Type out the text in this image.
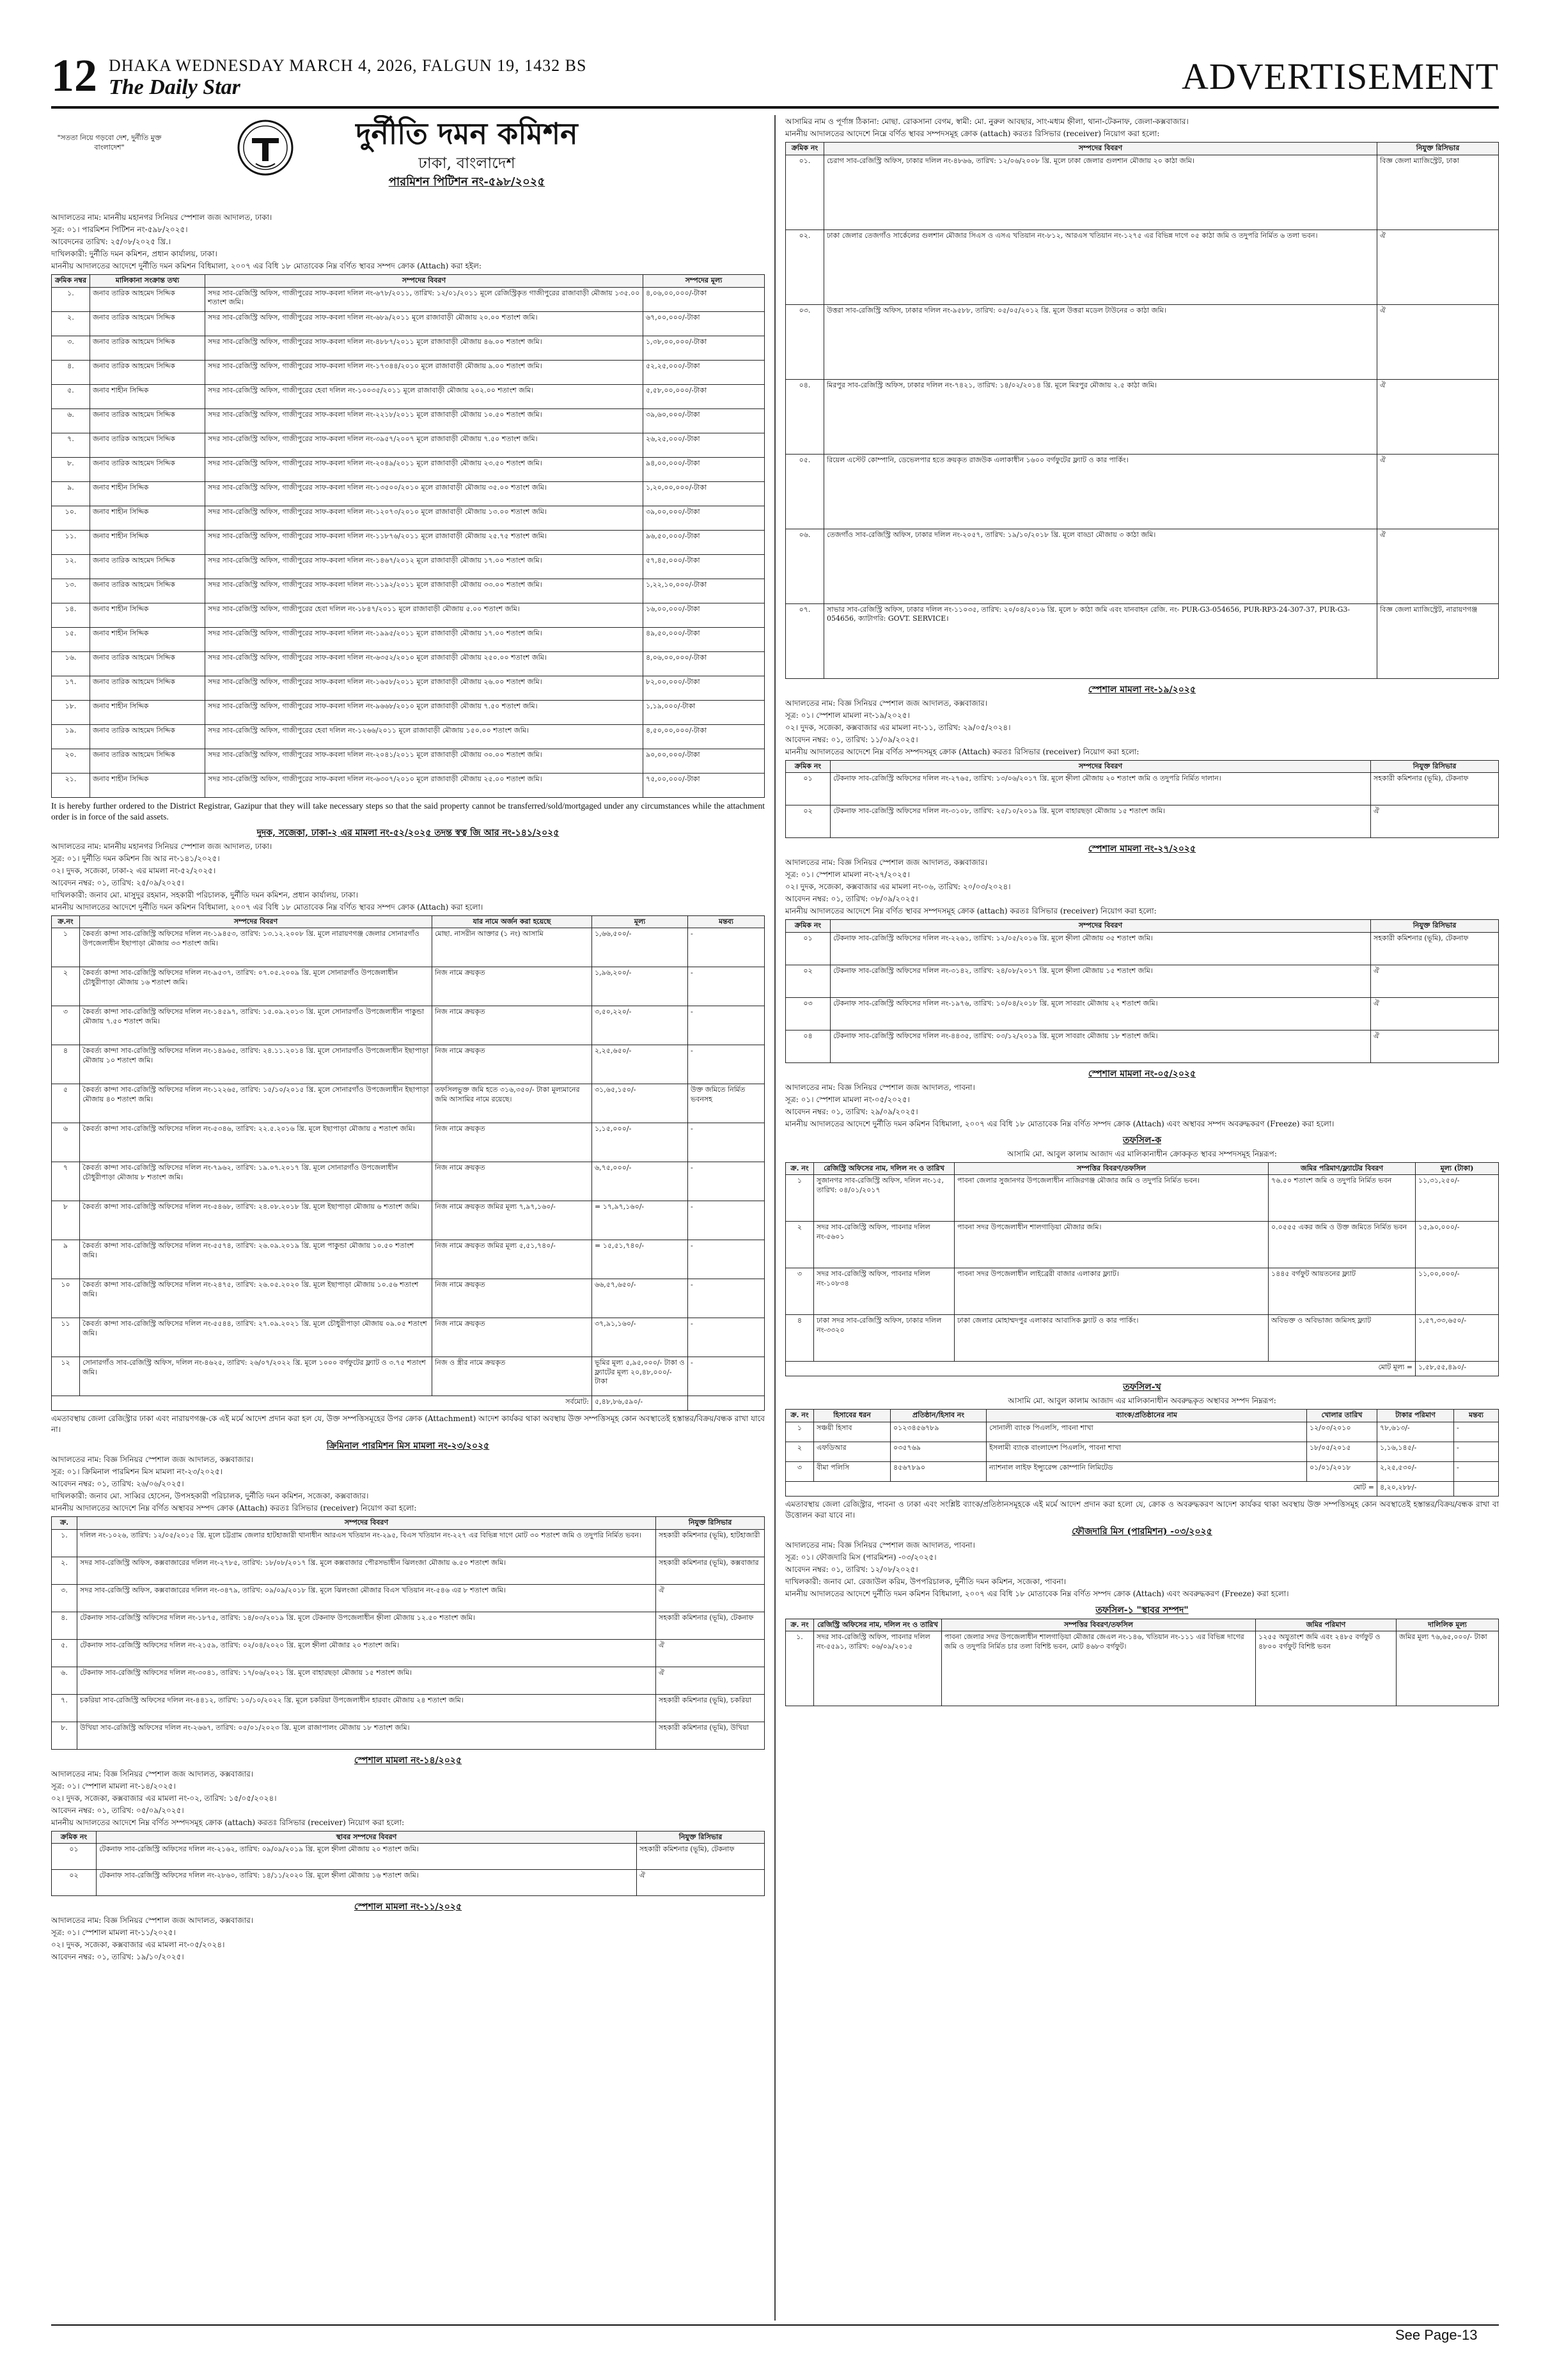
12 DHAKA WEDNESDAY MARCH 4, 2026, FALGUN 19, 1432 BS
The Daily Star	ADVERTISEMENT
"সততা নিয়ে গড়বো দেশ, দুর্নীতি মুক্ত বাংলাদেশ"	দুর্নীতি দমন কমিশন
ঢাকা, বাংলাদেশ
পারমিশন পিটিশন নং-৫৯৮/২০২৫
আদালতের নাম: মাননীয় মহানগর সিনিয়র স্পেশাল জজ আদালত, ঢাকা।
সূত্র: ০১। পারমিশন পিটিশন নং-৫৯৮/২০২৫।
আবেদনের তারিখ: ২৫/০৮/২০২৫ খ্রি.।
দাখিলকারী: দুর্নীতি দমন কমিশন, প্রধান কার্যালয়, ঢাকা।
মাননীয় আদালতের আদেশে দুর্নীতি দমন কমিশন বিধিমালা, ২০০৭ এর বিধি ১৮ মোতাবেক নিম্ন বর্ণিত স্থাবর সম্পদ ক্রোক (Attach) করা হইল:
ক্রমিক নম্বর	মালিকানা সংক্রান্ত তথ্য	সম্পদের বিবরণ	সম্পদের মূল্য
১.	জনাব তারিক আহমেদ সিদ্দিক	সদর সাব-রেজিস্ট্রি অফিস, গাজীপুরের সাফ-কবলা দলিল নং-৬৭৮/২০১১, তারিখ: ১২/০১/২০১১ মূলে রেজিস্ট্রিকৃত গাজীপুরের রাজাবাড়ী মৌজায় ১৩৫.০০ শতাংশ জমি।	৪,০৬,০০,০০০/-টাকা
২.	জনাব তারিক আহমেদ সিদ্দিক	সদর সাব-রেজিস্ট্রি অফিস, গাজীপুরের সাফ-কবলা দলিল নং-৬৮৯/২০১১ মূলে রাজাবাড়ী মৌজায় ২০.০০ শতাংশ জমি।	৬৭,০০,০০০/-টাকা
৩.	জনাব তারিক আহমেদ সিদ্দিক	সদর সাব-রেজিস্ট্রি অফিস, গাজীপুরের সাফ-কবলা দলিল নং-৪৮৮৭/২০১১ মূলে রাজাবাড়ী মৌজায় ৪৬.০০ শতাংশ জমি।	১,৩৮,০০,০০০/-টাকা
৪.	জনাব তারিক আহমেদ সিদ্দিক	সদর সাব-রেজিস্ট্রি অফিস, গাজীপুরের সাফ-কবলা দলিল নং-১৭৩৪৪/২০১০ মূলে রাজাবাড়ী মৌজায় ৯.০০ শতাংশ জমি।	৫২,২৫,০০০/-টাকা
৫.	জনাব শাহীন সিদ্দিক	সদর সাব-রেজিস্ট্রি অফিস, গাজীপুরের হেবা দলিল নং-১০০৩৫/২০১১ মূলে রাজাবাড়ী মৌজায় ২০২.০০ শতাংশ জমি।	৫,৫৮,০০,০০০/-টাকা
৬.	জনাব তারিক আহমেদ সিদ্দিক	সদর সাব-রেজিস্ট্রি অফিস, গাজীপুরের সাফ-কবলা দলিল নং-২২১৮/২০১১ মূলে রাজাবাড়ী মৌজায় ১০.৫০ শতাংশ জমি।	৩৯,৬০,০০০/-টাকা
৭.	জনাব তারিক আহমেদ সিদ্দিক	সদর সাব-রেজিস্ট্রি অফিস, গাজীপুরের সাফ-কবলা দলিল নং-৩৯৫৭/২০০৭ মূলে রাজাবাড়ী মৌজায় ৭.৫০ শতাংশ জমি।	২৬,২৫,০০০/-টাকা
৮.	জনাব তারিক আহমেদ সিদ্দিক	সদর সাব-রেজিস্ট্রি অফিস, গাজীপুরের সাফ-কবলা দলিল নং-২০৪৯/২০১১ মূলে রাজাবাড়ী মৌজায় ২৩.৫০ শতাংশ জমি।	৯৪,০০,০০০/-টাকা
৯.	জনাব শাহীন সিদ্দিক	সদর সাব-রেজিস্ট্রি অফিস, গাজীপুরের সাফ-কবলা দলিল নং-১৩৫০০/২০১০ মূলে রাজাবাড়ী মৌজায় ৩৫.০০ শতাংশ জমি।	১,২০,০০,০০০/-টাকা
১০.	জনাব শাহীন সিদ্দিক	সদর সাব-রেজিস্ট্রি অফিস, গাজীপুরের সাফ-কবলা দলিল নং-১২০৭৩/২০১০ মূলে রাজাবাড়ী মৌজায় ১৩.০০ শতাংশ জমি।	৩৯,০০,০০০/-টাকা
১১.	জনাব শাহীন সিদ্দিক	সদর সাব-রেজিস্ট্রি অফিস, গাজীপুরের সাফ-কবলা দলিল নং-১১৮৭৬/২০১১ মূলে রাজাবাড়ী মৌজায় ২৫.৭৫ শতাংশ জমি।	৯৬,৫০,০০০/-টাকা
১২.	জনাব তারিক আহমেদ সিদ্দিক	সদর সাব-রেজিস্ট্রি অফিস, গাজীপুরের সাফ-কবলা দলিল নং-১৪৬৭/২০১২ মূলে রাজাবাড়ী মৌজায় ১৭.০০ শতাংশ জমি।	৫৭,৪৫,০০০/-টাকা
১৩.	জনাব তারিক আহমেদ সিদ্দিক	সদর সাব-রেজিস্ট্রি অফিস, গাজীপুরের সাফ-কবলা দলিল নং-১১৯২/২০১১ মূলে রাজাবাড়ী মৌজায় ৩৩.০০ শতাংশ জমি।	১,২২,১০,০০০/-টাকা
১৪.	জনাব শাহীন সিদ্দিক	সদর সাব-রেজিস্ট্রি অফিস, গাজীপুরের হেবা দলিল নং-১৮৪৭/২০১১ মূলে রাজাবাড়ী মৌজায় ৫.০০ শতাংশ জমি।	১৬,০০,০০০/-টাকা
১৫.	জনাব শাহীন সিদ্দিক	সদর সাব-রেজিস্ট্রি অফিস, গাজীপুরের সাফ-কবলা দলিল নং-১৯৯৫/২০১১ মূলে রাজাবাড়ী মৌজায় ১৭.০০ শতাংশ জমি।	৪৯,৫০,০০০/-টাকা
১৬.	জনাব তারিক আহমেদ সিদ্দিক	সদর সাব-রেজিস্ট্রি অফিস, গাজীপুরের সাফ-কবলা দলিল নং-৬৩৫২/২০১০ মূলে রাজাবাড়ী মৌজায় ২৫০.০০ শতাংশ জমি।	৪,০৬,০০,০০০/-টাকা
১৭.	জনাব তারিক আহমেদ সিদ্দিক	সদর সাব-রেজিস্ট্রি অফিস, গাজীপুরের সাফ-কবলা দলিল নং-১৬৫৮/২০১১ মূলে রাজাবাড়ী মৌজায় ২৬.০০ শতাংশ জমি।	৮২,০০,০০০/-টাকা
১৮.	জনাব শাহীন সিদ্দিক	সদর সাব-রেজিস্ট্রি অফিস, গাজীপুরের সাফ-কবলা দলিল নং-৯৬৬৮/২০১০ মূলে রাজাবাড়ী মৌজায় ৭.৫০ শতাংশ জমি।	১,১৯,০০০/-টাকা
১৯.	জনাব তারিক আহমেদ সিদ্দিক	সদর সাব-রেজিস্ট্রি অফিস, গাজীপুরের হেবা দলিল নং-১২৬৬/২০১১ মূলে রাজাবাড়ী মৌজায় ১৫০.০০ শতাংশ জমি।	৪,৫০,০০,০০০/-টাকা
২০.	জনাব তারিক আহমেদ সিদ্দিক	সদর সাব-রেজিস্ট্রি অফিস, গাজীপুরের সাফ-কবলা দলিল নং-২০৪১/২০১১ মূলে রাজাবাড়ী মৌজায় ৩০.০০ শতাংশ জমি।	৯০,০০,০০০/-টাকা
২১.	জনাব শাহীন সিদ্দিক	সদর সাব-রেজিস্ট্রি অফিস, গাজীপুরের সাফ-কবলা দলিল নং-৬৩০৭/২০১০ মূলে রাজাবাড়ী মৌজায় ২৫.০০ শতাংশ জমি।	৭৫,০০,০০০/-টাকা
It is hereby further ordered to the District Registrar, Gazipur that they will take necessary steps so that the said property cannot be transferred/sold/mortgaged under any circumstances while the attachment order is in force of the said assets.
দুদক, সজেকা, ঢাকা-২ এর মামলা নং-৫২/২০২৫ তদন্ত স্বত্ব জি আর নং-১৪১/২০২৫
আদালতের নাম: মাননীয় মহানগর সিনিয়র স্পেশাল জজ আদালত, ঢাকা।
সূত্র: ০১। দুর্নীতি দমন কমিশন জি আর নং-১৪১/২০২৫।
০২। দুদক, সজেকা, ঢাকা-২ এর মামলা নং-৫২/২০২৫।
আবেদন নম্বর: ০১, তারিখ: ২৫/০৯/২০২৫।
দাখিলকারী: জনাব মো. মাসুদুর রহমান, সহকারী পরিচালক, দুর্নীতি দমন কমিশন, প্রধান কার্যালয়, ঢাকা।
মাননীয় আদালতের আদেশে দুর্নীতি দমন কমিশন বিধিমালা, ২০০৭ এর বিধি ১৮ মোতাবেক নিম্ন বর্ণিত স্থাবর সম্পদ ক্রোক (Attach) করা হলো।
ক্র.নং	সম্পদের বিবরণ	যার নামে অর্জন করা হয়েছে	মূল্য	মন্তব্য
১	কৈবর্ত্য কান্দা সাব-রেজিস্ট্রি অফিসের দলিল নং-১৯৪৫৩, তারিখ: ১৩.১২.২০০৮ খ্রি. মূলে নারায়ণগঞ্জ জেলার সোনারগাঁও উপজেলাধীন ইছাপাড়া মৌজায় ৩৩ শতাংশ জমি।	মোছা. নাসরীন আক্তার (১ নং) আসামি	১,৬৬,৫০০/-	-
২	কৈবর্ত্য কান্দা সাব-রেজিস্ট্রি অফিসের দলিল নং-৯৫৩৭, তারিখ: ০৭.০৫.২০০৯ খ্রি. মূলে সোনারগাঁও উপজেলাধীন চৌধুরীপাড়া মৌজায় ১৬ শতাংশ জমি।	নিজ নামে ক্রয়কৃত	১,৯৬,২০০/-	-
৩	কৈবর্ত্য কান্দা সাব-রেজিস্ট্রি অফিসের দলিল নং-১৪৫৯৭, তারিখ: ১৫.০৯.২০১৩ খ্রি. মূলে সোনারগাঁও উপজেলাধীন পাকুন্ডা মৌজায় ৭.৫০ শতাংশ জমি।	নিজ নামে ক্রয়কৃত	৩,৫০,২২০/-	-
৪	কৈবর্ত্য কান্দা সাব-রেজিস্ট্রি অফিসের দলিল নং-১৪৯৬৫, তারিখ: ২৪.১১.২০১৪ খ্রি. মূলে সোনারগাঁও উপজেলাধীন ইছাপাড়া মৌজায় ১০ শতাংশ জমি।	নিজ নামে ক্রয়কৃত	২,২৫,৬৫০/-	-
৫	কৈবর্ত্য কান্দা সাব-রেজিস্ট্রি অফিসের দলিল নং-১২২৬৫, তারিখ: ১৫/১০/২০১৫ খ্রি. মূলে সোনারগাঁও উপজেলাধীন ইছাপাড়া মৌজায় ৪০ শতাংশ জমি।	তফসিলভুক্ত জমি হতে ৩১৬,৩৫০/- টাকা মূল্যমানের জমি আসামির নামে রয়েছে।	৩১,৬৫,১৫০/-	উক্ত জমিতে নির্মিত ভবনসহ
৬	কৈবর্ত্য কান্দা সাব-রেজিস্ট্রি অফিসের দলিল নং-৫৩৪৬, তারিখ: ২২.৫.২০১৬ খ্রি. মূলে ইছাপাড়া মৌজায় ৫ শতাংশ জমি।	নিজ নামে ক্রয়কৃত	১,১৫,০০০/-	-
৭	কৈবর্ত্য কান্দা সাব-রেজিস্ট্রি অফিসের দলিল নং-৭৯৬২, তারিখ: ১৯.০৭.২০১৭ খ্রি. মূলে সোনারগাঁও উপজেলাধীন চৌধুরীপাড়া মৌজায় ৮ শতাংশ জমি।	নিজ নামে ক্রয়কৃত	৬,৭৫,০০০/-	-
৮	কৈবর্ত্য কান্দা সাব-রেজিস্ট্রি অফিসের দলিল নং-৫৪৬৮, তারিখ: ২৪.০৮.২০১৮ খ্রি. মূলে ইছাপাড়া মৌজায় ৬ শতাংশ জমি।	নিজ নামে ক্রয়কৃত জমির মূল্য ৭,৯৭,১৬০/-	= ১৭,৯৭,১৬০/-	-
৯	কৈবর্ত্য কান্দা সাব-রেজিস্ট্রি অফিসের দলিল নং-৫৫৭৪, তারিখ: ২৬.০৯.২০১৯ খ্রি. মূলে পাকুন্ডা মৌজায় ১০.৫০ শতাংশ জমি।	নিজ নামে ক্রয়কৃত জমির মূল্য ৫,৫১,৭৪০/-	= ১৫,৫১,৭৪০/-	-
১০	কৈবর্ত্য কান্দা সাব-রেজিস্ট্রি অফিসের দলিল নং-২৪৭৫, তারিখ: ২৬.০৫.২০২০ খ্রি. মূলে ইছাপাড়া মৌজায় ১০.৫৬ শতাংশ জমি।	নিজ নামে ক্রয়কৃত	৬৬,৫৭,৬৫০/-	-
১১	কৈবর্ত্য কান্দা সাব-রেজিস্ট্রি অফিসের দলিল নং-৫৫৪৪, তারিখ: ২৭.০৯.২০২১ খ্রি. মূলে চৌধুরীপাড়া মৌজায় ০৯.০৫ শতাংশ জমি।	নিজ নামে ক্রয়কৃত	৩৭,৯১,১৬০/-	-
১২	সোনারগাঁও সাব-রেজিস্ট্রি অফিস, দলিল নং-৪৬২৫, তারিখ: ২৬/০৭/২০২২ খ্রি. মূলে ১০০০ বর্গফুটের ফ্ল্যাট ও ৩.৭৫ শতাংশ জমি।	নিজ ও স্ত্রীর নামে ক্রয়কৃত	ভূমির মূল্য ৫,৯৫,০০০/- টাকা ও ফ্ল্যাটের মূল্য ২০,৪৮,০০০/- টাকা	-
সর্বমোট:			৫,৪৮,৮৬,৫৯০/-	
এমতাবস্থায় জেলা রেজিস্ট্রার ঢাকা এবং নারায়ণগঞ্জ-কে এই মর্মে আদেশ প্রদান করা হল যে, উক্ত সম্পত্তিসমূহের উপর ক্রোক (Attachment) আদেশ কার্যকর থাকা অবস্থায় উক্ত সম্পত্তিসমূহ কোন অবস্থাতেই হস্তান্তর/বিক্রয়/বন্ধক রাখা যাবে না।
ক্রিমিনাল পারমিশন মিস মামলা নং-২৩/২০২৫
আদালতের নাম: বিজ্ঞ সিনিয়র স্পেশাল জজ আদালত, কক্সবাজার।
সূত্র: ০১। ক্রিমিনাল পারমিশন মিস মামলা নং-২৩/২০২৫।
আবেদন নম্বর: ০১, তারিখ: ২৬/০৬/২০২৫।
দাখিলকারী: জনাব মো. সাব্বির হোসেন, উপসহকারী পরিচালক, দুর্নীতি দমন কমিশন, সজেকা, কক্সবাজার।
মাননীয় আদালতের আদেশে নিম্ন বর্ণিত অস্থাবর সম্পদ ক্রোক (Attach) করতঃ রিসিভার (receiver) নিয়োগ করা হলো:
ক্র.	সম্পদের বিবরণ	নিযুক্ত রিসিভার
১.	দলিল নং-১০২৬, তারিখ: ১২/০৫/২০১৫ খ্রি. মূলে চট্টগ্রাম জেলার হাটহাজারী থানাধীন আরএস খতিয়ান নং-২৯৫, বিএস খতিয়ান নং-২২৭ এর বিভিন্ন দাগে মোট ৩০ শতাংশ জমি ও তদুপরি নির্মিত ভবন।	সহকারী কমিশনার (ভূমি), হাটহাজারী
২.	সদর সাব-রেজিস্ট্রি অফিস, কক্সবাজারের দলিল নং-২৭৮৫, তারিখ: ১৮/০৮/২০১৭ খ্রি. মূলে কক্সবাজার পৌরসভাধীন ঝিলংজা মৌজায় ৬.৫০ শতাংশ জমি।	সহকারী কমিশনার (ভূমি), কক্সবাজার
৩.	সদর সাব-রেজিস্ট্রি অফিস, কক্সবাজারের দলিল নং-৩৪৭৯, তারিখ: ০৯/০৯/২০১৮ খ্রি. মূলে ঝিলংজা মৌজার বিএস খতিয়ান নং-৫৪৬ এর ৮ শতাংশ জমি।	ঐ
৪.	টেকনাফ সাব-রেজিস্ট্রি অফিসের দলিল নং-১৮৭৫, তারিখ: ১৪/০৩/২০১৯ খ্রি. মূলে টেকনাফ উপজেলাধীন হ্নীলা মৌজায় ১২.৫০ শতাংশ জমি।	সহকারী কমিশনার (ভূমি), টেকনাফ
৫.	টেকনাফ সাব-রেজিস্ট্রি অফিসের দলিল নং-২১৫৯, তারিখ: ০২/০৪/২০২০ খ্রি. মূলে হ্নীলা মৌজার ২০ শতাংশ জমি।	ঐ
৬.	টেকনাফ সাব-রেজিস্ট্রি অফিসের দলিল নং-৩০৪১, তারিখ: ১৭/০৬/২০২১ খ্রি. মূলে বাহারছড়া মৌজায় ১৫ শতাংশ জমি।	ঐ
৭.	চকরিয়া সাব-রেজিস্ট্রি অফিসের দলিল নং-৪৪১২, তারিখ: ১০/১০/২০২২ খ্রি. মূলে চকরিয়া উপজেলাধীন হারবাং মৌজায় ২৪ শতাংশ জমি।	সহকারী কমিশনার (ভূমি), চকরিয়া
৮.	উখিয়া সাব-রেজিস্ট্রি অফিসের দলিল নং-২৬৬৭, তারিখ: ০৫/০১/২০২৩ খ্রি. মূলে রাজাপালং মৌজায় ১৮ শতাংশ জমি।	সহকারী কমিশনার (ভূমি), উখিয়া
স্পেশাল মামলা নং-১৪/২০২৫
আদালতের নাম: বিজ্ঞ সিনিয়র স্পেশাল জজ আদালত, কক্সবাজার।
সূত্র: ০১। স্পেশাল মামলা নং-১৪/২০২৫।
০২। দুদক, সজেকা, কক্সবাজার এর মামলা নং-০২, তারিখ: ১৫/০৫/২০২৪।
আবেদন নম্বর: ০১, তারিখ: ০৫/০৯/২০২৫।
মাননীয় আদালতের আদেশে নিম্ন বর্ণিত সম্পদসমূহ ক্রোক (attach) করতঃ রিসিভার (receiver) নিয়োগ করা হলো:
ক্রমিক নং	স্থাবর সম্পদের বিবরণ	নিযুক্ত রিসিভার
০১	টেকনাফ সাব-রেজিস্ট্রি অফিসের দলিল নং-২১৬২, তারিখ: ০৯/০৯/২০১৯ খ্রি. মূলে হ্নীলা মৌজায় ২০ শতাংশ জমি।	সহকারী কমিশনার (ভূমি), টেকনাফ
০২	টেকনাফ সাব-রেজিস্ট্রি অফিসের দলিল নং-২৮৬০, তারিখ: ১৪/১১/২০২০ খ্রি. মূলে হ্নীলা মৌজায় ১৬ শতাংশ জমি।	ঐ
স্পেশাল মামলা নং-১১/২০২৫
আদালতের নাম: বিজ্ঞ সিনিয়র স্পেশাল জজ আদালত, কক্সবাজার।
সূত্র: ০১। স্পেশাল মামলা নং-১১/২০২৫।
০২। দুদক, সজেকা, কক্সবাজার এর মামলা নং-০৫/২০২৪।
আবেদন নম্বর: ০১, তারিখ: ১৯/১০/২০২৫।
আসামির নাম ও পূর্ণাঙ্গ ঠিকানা: মোছা. রোকসানা বেগম, স্বামী: মো. নুরুল আবছার, সাং-মধ্যম হ্নীলা, থানা-টেকনাফ, জেলা-কক্সবাজার।
মাননীয় আদালতের আদেশে নিম্নে বর্ণিত স্থাবর সম্পদসমূহ ক্রোক (attach) করতঃ রিসিভার (receiver) নিয়োগ করা হলো:
ক্রমিক নং	সম্পদের বিবরণ	নিযুক্ত রিসিভার
০১.	চেরাগ সাব-রেজিস্ট্রি অফিস, ঢাকার দলিল নং-৪৮৬৬, তারিখ: ১২/০৬/২০০৮ খ্রি. মূলে ঢাকা জেলার গুলশান মৌজায় ২০ কাঠা জমি।	বিজ্ঞ জেলা ম্যাজিস্ট্রেট, ঢাকা
০২.	ঢাকা জেলার তেজগাঁও সার্কেলের গুলশান মৌজার সিএস ও এসএ খতিয়ান নং-৮১২, আরএস খতিয়ান নং-১২৭৫ এর বিভিন্ন দাগে ০৫ কাঠা জমি ও তদুপরি নির্মিত ৬ তলা ভবন।	ঐ
০৩.	উত্তরা সাব-রেজিস্ট্রি অফিস, ঢাকার দলিল নং-৯৫৮৮, তারিখ: ০৫/০৫/২০১২ খ্রি. মূলে উত্তরা মডেল টাউনের ৩ কাঠা জমি।	ঐ
০৪.	মিরপুর সাব-রেজিস্ট্রি অফিস, ঢাকার দলিল নং-৭৪২১, তারিখ: ১৪/০২/২০১৪ খ্রি. মূলে মিরপুর মৌজায় ২.৫ কাঠা জমি।	ঐ
০৫.	রিয়েল এস্টেট কোম্পানি, ডেভেলপার হতে ক্রয়কৃত রাজউক এলাকাধীন ১৬০০ বর্গফুটের ফ্ল্যাট ও কার পার্কিং।	ঐ
০৬.	তেজগাঁও সাব-রেজিস্ট্রি অফিস, ঢাকার দলিল নং-২০৫৭, তারিখ: ১৯/১০/২০১৮ খ্রি. মূলে বাড্ডা মৌজায় ৩ কাঠা জমি।	ঐ
০৭.	সাভার সাব-রেজিস্ট্রি অফিস, ঢাকার দলিল নং-১১০৩৫, তারিখ: ২০/০৪/২০১৬ খ্রি. মূলে ৮ কাঠা জমি এবং যানবাহন রেজি. নং- PUR-G3-054656, PUR-RP3-24-307-37, PUR-G3-054656, ক্যাটাগরি: GOVT. SERVICE।	বিজ্ঞ জেলা ম্যাজিস্ট্রেট, নারায়ণগঞ্জ
স্পেশাল মামলা নং-১৯/২০২৫
আদালতের নাম: বিজ্ঞ সিনিয়র স্পেশাল জজ আদালত, কক্সবাজার।
সূত্র: ০১। স্পেশাল মামলা নং-১৯/২০২৫।
০২। দুদক, সজেকা, কক্সবাজার এর মামলা নং-১১, তারিখ: ২৯/০৫/২০২৪।
আবেদন নম্বর: ০১, তারিখ: ১১/০৯/২০২৫।
মাননীয় আদালতের আদেশে নিম্ন বর্ণিত সম্পদসমূহ ক্রোক (Attach) করতঃ রিসিভার (receiver) নিয়োগ করা হলো:
ক্রমিক নং	সম্পদের বিবরণ	নিযুক্ত রিসিভার
০১	টেকনাফ সাব-রেজিস্ট্রি অফিসের দলিল নং-২৭৬৫, তারিখ: ১৩/০৬/২০১৭ খ্রি. মূলে হ্নীলা মৌজায় ২০ শতাংশ জমি ও তদুপরি নির্মিত দালান।	সহকারী কমিশনার (ভূমি), টেকনাফ
০২	টেকনাফ সাব-রেজিস্ট্রি অফিসের দলিল নং-৩১০৮, তারিখ: ২৫/১০/২০১৯ খ্রি. মূলে বাহারছড়া মৌজায় ১৫ শতাংশ জমি।	ঐ
স্পেশাল মামলা নং-২৭/২০২৫
আদালতের নাম: বিজ্ঞ সিনিয়র স্পেশাল জজ আদালত, কক্সবাজার।
সূত্র: ০১। স্পেশাল মামলা নং-২৭/২০২৫।
০২। দুদক, সজেকা, কক্সবাজার এর মামলা নং-০৬, তারিখ: ২০/০৩/২০২৪।
আবেদন নম্বর: ০১, তারিখ: ০৮/০৯/২০২৫।
মাননীয় আদালতের আদেশে নিম্ন বর্ণিত স্থাবর সম্পদসমূহ ক্রোক (attach) করতঃ রিসিভার (receiver) নিয়োগ করা হলো:
ক্রমিক নং	সম্পদের বিবরণ	নিযুক্ত রিসিভার
০১	টেকনাফ সাব-রেজিস্ট্রি অফিসের দলিল নং-২২৬১, তারিখ: ১২/০৫/২০১৬ খ্রি. মূলে হ্নীলা মৌজায় ৩৫ শতাংশ জমি।	সহকারী কমিশনার (ভূমি), টেকনাফ
০২	টেকনাফ সাব-রেজিস্ট্রি অফিসের দলিল নং-৩১৪২, তারিখ: ২৪/০৮/২০১৭ খ্রি. মূলে হ্নীলা মৌজায় ১৫ শতাংশ জমি।	ঐ
০৩	টেকনাফ সাব-রেজিস্ট্রি অফিসের দলিল নং-১৯৭৬, তারিখ: ১০/০৪/২০১৮ খ্রি. মূলে সাবরাং মৌজায় ২২ শতাংশ জমি।	ঐ
০৪	টেকনাফ সাব-রেজিস্ট্রি অফিসের দলিল নং-৪৪৩৫, তারিখ: ০৩/১২/২০১৯ খ্রি. মূলে সাবরাং মৌজায় ১৮ শতাংশ জমি।	ঐ
স্পেশাল মামলা নং-০৫/২০২৫
আদালতের নাম: বিজ্ঞ সিনিয়র স্পেশাল জজ আদালত, পাবনা।
সূত্র: ০১। স্পেশাল মামলা নং-০৫/২০২৫।
আবেদন নম্বর: ০১, তারিখ: ২৯/০৯/২০২৫।
মাননীয় আদালতের আদেশে দুর্নীতি দমন কমিশন বিধিমালা, ২০০৭ এর বিধি ১৮ মোতাবেক নিম্ন বর্ণিত সম্পদ ক্রোক (Attach) এবং অস্থাবর সম্পদ অবরুদ্ধকরণ (Freeze) করা হলো।
তফসিল-ক
আসামি মো. আবুল কালাম আজাদ এর মালিকানাধীন ক্রোককৃত স্থাবর সম্পদসমূহ নিম্নরূপ:
ক্র. নং	রেজিস্ট্রি অফিসের নাম, দলিল নং ও তারিখ	সম্পত্তির বিবরণ/তফসিল	জমির পরিমাণ/ফ্ল্যাটের বিবরণ	মূল্য (টাকা)
১	সুজানগর সাব-রেজিস্ট্রি অফিস, দলিল নং-১৫, তারিখ: ০৪/০১/২০১৭	পাবনা জেলার সুজানগর উপজেলাধীন নাজিরগঞ্জ মৌজার জমি ও তদুপরি নির্মিত ভবন।	৭৬.৫০ শতাংশ জমি ও তদুপরি নির্মিত ভবন	১১,৩১,২৫০/-
২	সদর সাব-রেজিস্ট্রি অফিস, পাবনার দলিল নং-৫৬০১	পাবনা সদর উপজেলাধীন শালগাড়িয়া মৌজার জমি।	০.০৫৫৫ একর জমি ও উক্ত জমিতে নির্মিত ভবন	১৫,৯০,০০০/-
৩	সদর সাব-রেজিস্ট্রি অফিস, পাবনার দলিল নং-১০৮৩৪	পাবনা সদর উপজেলাধীন লাইব্রেরী বাজার এলাকার ফ্ল্যাট।	১৪৪৫ বর্গফুট আয়তনের ফ্ল্যাট	১১,০০,০০০/-
৪	ঢাকা সদর সাব-রেজিস্ট্রি অফিস, ঢাকার দলিল নং-৩৩২০	ঢাকা জেলার মোহাম্মদপুর এলাকার আবাসিক ফ্ল্যাট ও কার পার্কিং।	অবিভক্ত ও অবিভাজ্য জমিসহ ফ্ল্যাট	১,৫৭,৩৩,৬৫০/-
মোট মূল্য =				১,৫৮,৫৫,৪৯০/-
তফসিল-খ
আসামি মো. আবুল কালাম আজাদ এর মালিকানাধীন অবরুদ্ধকৃত অস্থাবর সম্পদ নিম্নরূপ:
ক্র. নং	হিসাবের ধরন	প্রতিষ্ঠান/হিসাব নং	ব্যাংক/প্রতিষ্ঠানের নাম	খোলার তারিখ	টাকার পরিমাণ	মন্তব্য
১	সঞ্চয়ী হিসাব	০১২৩৪৫৬৭৮৯	সোনালী ব্যাংক পিএলসি, পাবনা শাখা	১২/০৩/২০১০	৭৮,৬১৩/-	-
২	এফডিআর	০৩৫৭৬৯	ইসলামী ব্যাংক বাংলাদেশ পিএলসি, পাবনা শাখা	১৮/০৫/২০১৫	১,১৬,১৪৫/-	-
৩	বীমা পলিসি	৪৫৬৭৮৯০	ন্যাশনাল লাইফ ইন্স্যুরেন্স কোম্পানি লিমিটেড	০১/০১/২০১৮	২,২৫,৫৩০/-	-
মোট =					৪,২০,২৮৮/-	
এমতাবস্থায় জেলা রেজিস্ট্রার, পাবনা ও ঢাকা এবং সংশ্লিষ্ট ব্যাংক/প্রতিষ্ঠানসমূহকে এই মর্মে আদেশ প্রদান করা হলো যে, ক্রোক ও অবরুদ্ধকরণ আদেশ কার্যকর থাকা অবস্থায় উক্ত সম্পত্তিসমূহ কোন অবস্থাতেই হস্তান্তর/বিক্রয়/বন্ধক রাখা বা উত্তোলন করা যাবে না।
ফৌজদারি মিস (পারমিশন) -০৩/২০২৫
আদালতের নাম: বিজ্ঞ সিনিয়র স্পেশাল জজ আদালত, পাবনা।
সূত্র: ০১। ফৌজদারি মিস (পারমিশন) -০৩/২০২৫।
আবেদন নম্বর: ০১, তারিখ: ১২/০৮/২০২৫।
দাখিলকারী: জনাব মো. রেজাউল করিম, উপপরিচালক, দুর্নীতি দমন কমিশন, সজেকা, পাবনা।
মাননীয় আদালতের আদেশে দুর্নীতি দমন কমিশন বিধিমালা, ২০০৭ এর বিধি ১৮ মোতাবেক নিম্ন বর্ণিত সম্পদ ক্রোক (Attach) এবং অবরুদ্ধকরণ (Freeze) করা হলো।
তফসিল-১ "স্থাবর সম্পদ"
ক্র. নং	রেজিস্ট্রি অফিসের নাম, দলিল নং ও তারিখ	সম্পত্তির বিবরণ/তফসিল	জমির পরিমাণ	দালিলিক মূল্য
১.	সদর সাব-রেজিস্ট্রি অফিস, পাবনার দলিল নং-৫৫৯১, তারিখ: ০৬/০৯/২০১৫	পাবনা জেলার সদর উপজেলাধীন শালগাড়িয়া মৌজার জেএল নং-১৪৬, খতিয়ান নং-১১১ এর বিভিন্ন দাগের জমি ও তদুপরি নির্মিত চার তলা বিশিষ্ট ভবন, মোট ৪৬৮৩ বর্গফুট।	১২৫৫ অযুতাংশ জমি এবং ২৪৮৫ বর্গফুট ও ৪৮০০ বর্গফুট বিশিষ্ট ভবন	জমির মূল্য ৭৬,৬৫,০০০/- টাকা
See Page-13
